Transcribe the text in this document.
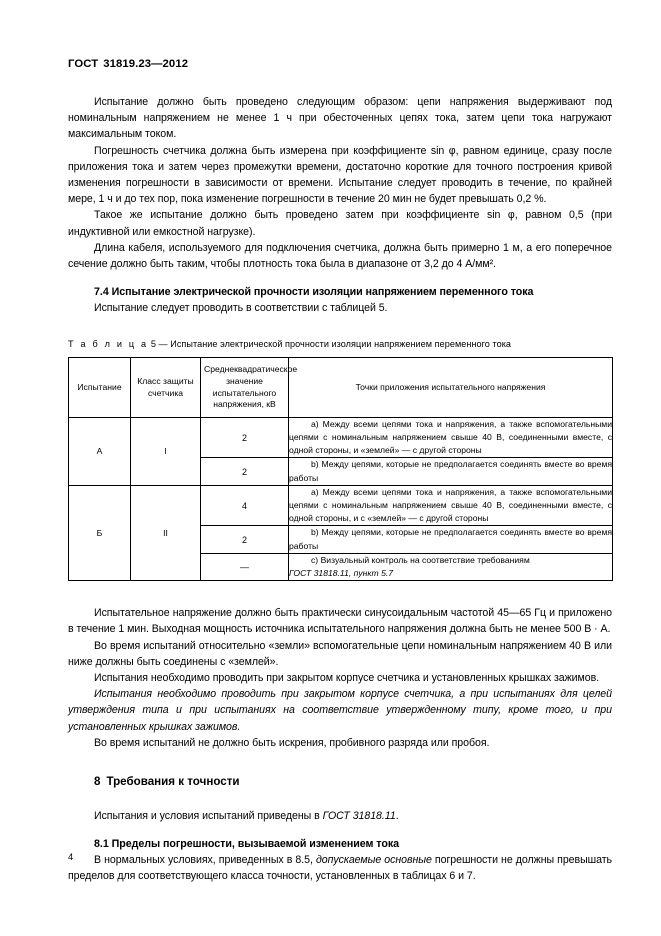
ГОСТ 31819.23—2012

Испытание должно быть проведено следующим образом: цепи напряжения выдерживают под номинальным напряжением не менее 1 ч при обесточенных цепях тока, затем цепи тока нагружают максимальным током.

Погрешность счетчика должна быть измерена при коэффициенте sin φ, равном единице, сразу после приложения тока и затем через промежутки времени, достаточно короткие для точного построения кривой изменения погрешности в зависимости от времени. Испытание следует проводить в течение, по крайней мере, 1 ч и до тех пор, пока изменение погрешности в течение 20 мин не будет превышать 0,2 %.

Такое же испытание должно быть проведено затем при коэффициенте sin φ, равном 0,5 (при индуктивной или емкостной нагрузке).

Длина кабеля, используемого для подключения счетчика, должна быть примерно 1 м, а его поперечное сечение должно быть таким, чтобы плотность тока была в диапазоне от 3,2 до 4 А/мм².

7.4 Испытание электрической прочности изоляции напряжением переменного тока

Испытание следует проводить в соответствии с таблицей 5.

Т а б л и ц а 5 — Испытание электрической прочности изоляции напряжением переменного тока
Испытание	Класс защиты счетчика	Среднеквадратическое значение испытательного напряжения, кВ	Точки приложения испытательного напряжения
А	I	2	a) Между всеми цепями тока и напряжения, а также вспомогательными цепями с номинальным напряжением свыше 40 В, соединенными вместе, с одной стороны, и «землей» — с другой стороны
		2	b) Между цепями, которые не предполагается соединять вместе во время работы
Б	II	4	a) Между всеми цепями тока и напряжения, а также вспомогательными цепями с номинальным напряжением свыше 40 В, соединенными вместе, с одной стороны, и с «землей» — с другой стороны
		2	b) Между цепями, которые не предполагается соединять вместе во время работы
		—	c) Визуальный контроль на соответствие требованиям
ГОСТ 31818.11, пункт 5.7

Испытательное напряжение должно быть практически синусоидальным частотой 45—65 Гц и приложено в течение 1 мин. Выходная мощность источника испытательного напряжения должна быть не менее 500 В · А.

Во время испытаний относительно «земли» вспомогательные цепи номинальным напряжением 40 В или ниже должны быть соединены с «землей».

Испытания необходимо проводить при закрытом корпусе счетчика и установленных крышках зажимов.

Испытания необходимо проводить при закрытом корпусе счетчика, а при испытаниях для целей утверждения типа и при испытаниях на соответствие утвержденному типу, кроме того, и при установленных крышках зажимов.

Во время испытаний не должно быть искрения, пробивного разряда или пробоя.

8 Требования к точности

Испытания и условия испытаний приведены в ГОСТ 31818.11.

8.1 Пределы погрешности, вызываемой изменением тока

В нормальных условиях, приведенных в 8.5, допускаемые основные погрешности не должны превышать пределов для соответствующего класса точности, установленных в таблицах 6 и 7.

4
